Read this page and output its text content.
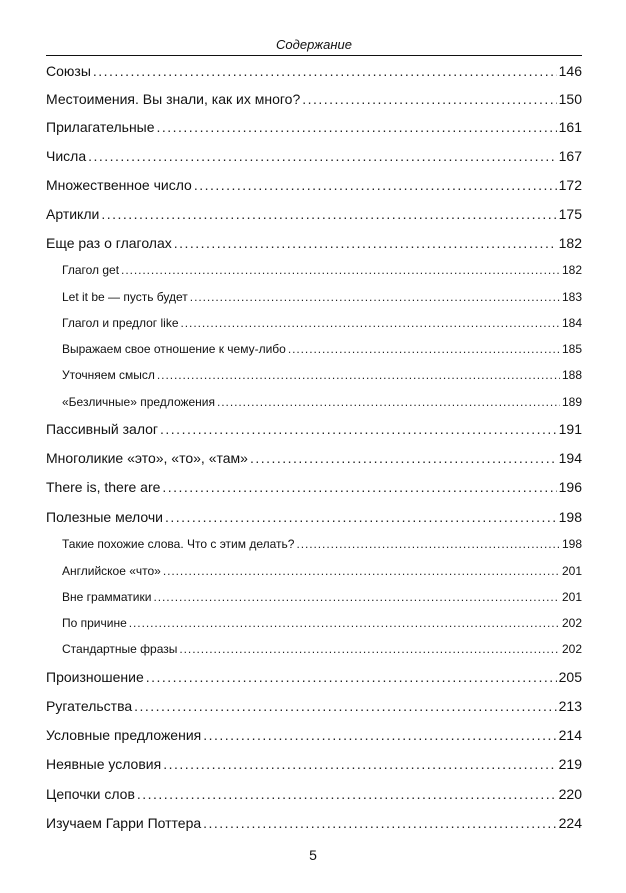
Содержание
Союзы . . .	146
Местоимения. Вы знали, как их много? . . .	150
Прилагательные . . .	161
Числа . . .	167
Множественное число . . .	172
Артикли . . .	175
Еще раз о глаголах . . .	182
Глагол get . . .	182
Let it be — пусть будет . . .	183
Глагол и предлог like . . .	184
Выражаем свое отношение к чему-либо . . .	185
Уточняем смысл . . .	188
«Безличные» предложения . . .	189
Пассивный залог . . .	191
Многоликие «это», «то», «там» . . .	194
There is, there are . . .	196
Полезные мелочи . . .	198
Такие похожие слова. Что с этим делать? . . .	198
Английское «что» . . .	201
Вне грамматики . . .	201
По причине . . .	202
Стандартные фразы . . .	202
Произношение . . .	205
Ругательства . . .	213
Условные предложения . . .	214
Неявные условия . . .	219
Цепочки слов . . .	220
Изучаем Гарри Поттера . . .	224
5
